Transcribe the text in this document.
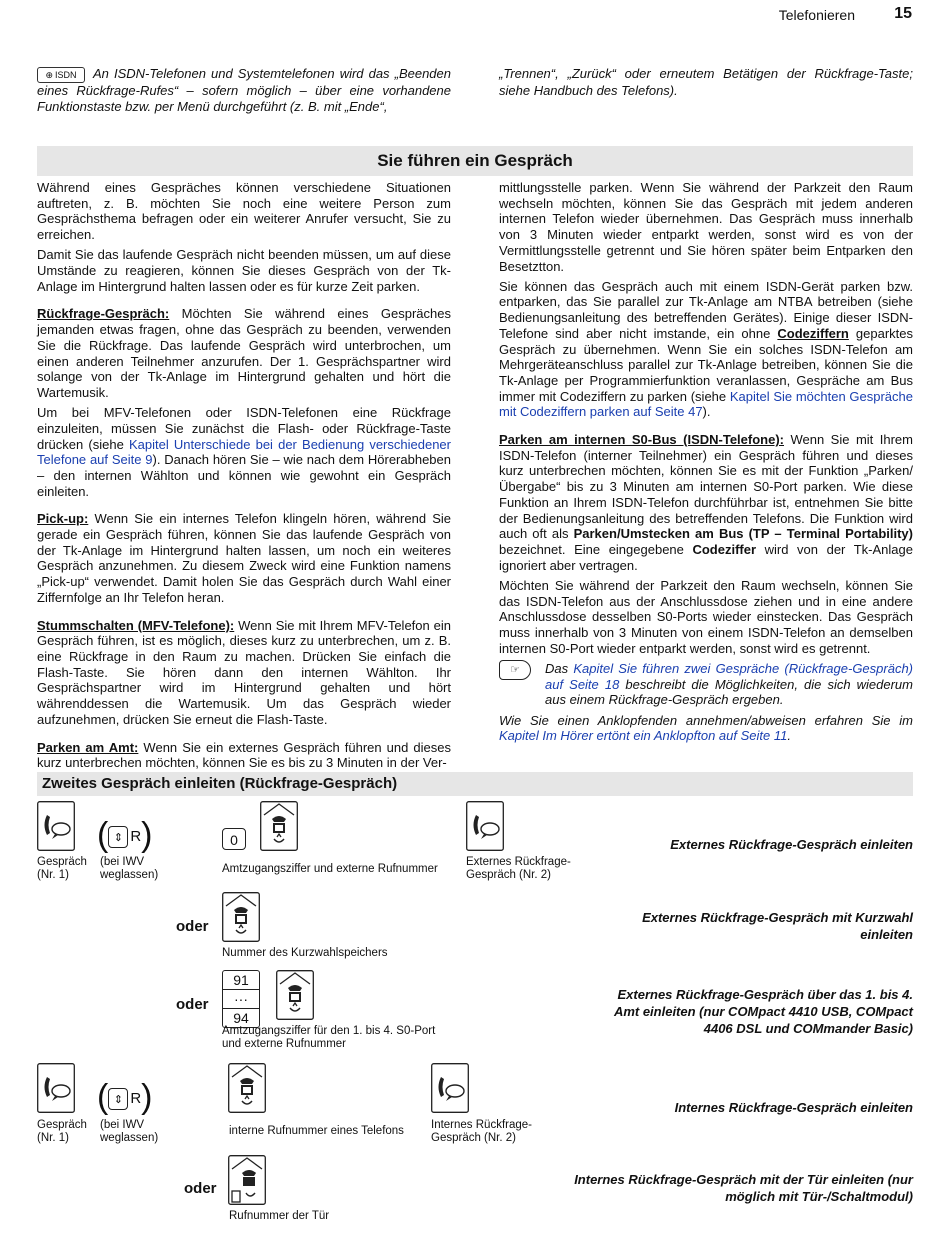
Telefonieren 15
⊕ ISDN	An ISDN-Telefonen und Systemtelefonen wird das „Beenden eines Rückfrage-Rufes“ – sofern möglich – über eine vorhandene Funktionstaste bzw. per Menü durchgeführt (z. B. mit „Ende“,
„Trennen“, „Zurück“ oder erneutem Betätigen der Rückfrage-Taste; siehe Handbuch des Telefons).
Sie führen ein Gespräch

Während eines Gespräches können verschiedene Situationen auftreten, z. B. möchten Sie noch eine weitere Person zum Gesprächsthema befragen oder ein weiterer Anrufer versucht, Sie zu erreichen.

Damit Sie das laufende Gespräch nicht beenden müssen, um auf diese Umstände zu reagieren, können Sie dieses Gespräch von der Tk-Anlage im Hintergrund halten lassen oder es für kurze Zeit parken.

Rückfrage-Gespräch: Möchten Sie während eines Gespräches jemanden etwas fragen, ohne das Gespräch zu beenden, verwenden Sie die Rückfrage. Das laufende Gespräch wird unterbrochen, um einen anderen Teilnehmer anzurufen. Der 1. Gesprächspartner wird solange von der Tk-Anlage im Hintergrund gehalten und hört die Wartemusik.

Um bei MFV-Telefonen oder ISDN-Telefonen eine Rückfrage einzuleiten, müssen Sie zunächst die Flash- oder Rückfrage-Taste drücken (siehe Kapitel Unterschiede bei der Bedienung verschiedener Telefone auf Seite 9). Danach hören Sie – wie nach dem Hörerabheben – den internen Wählton und können wie gewohnt ein Gespräch einleiten.

Pick-up: Wenn Sie ein internes Telefon klingeln hören, während Sie gerade ein Gespräch führen, können Sie das laufende Gespräch von der Tk-Anlage im Hintergrund halten lassen, um noch ein weiteres Gespräch anzunehmen. Zu diesem Zweck wird eine Funktion namens „Pick-up“ verwendet. Damit holen Sie das Gespräch durch Wahl einer Ziffernfolge an Ihr Telefon heran.

Stummschalten (MFV-Telefone): Wenn Sie mit Ihrem MFV-Telefon ein Gespräch führen, ist es möglich, dieses kurz zu unterbrechen, um z. B. eine Rückfrage in den Raum zu machen. Drücken Sie einfach die Flash-Taste. Sie hören dann den internen Wählton. Ihr Gesprächspartner wird im Hintergrund gehalten und hört währenddessen die Wartemusik. Um das Gespräch wieder aufzunehmen, drücken Sie erneut die Flash-Taste.

Parken am Amt: Wenn Sie ein externes Gespräch führen und dieses kurz unterbrechen möchten, können Sie es bis zu 3 Minuten in der Ver-

mittlungsstelle parken. Wenn Sie während der Parkzeit den Raum wechseln möchten, können Sie das Gespräch mit jedem anderen internen Telefon wieder übernehmen. Das Gespräch muss innerhalb von 3 Minuten wieder entparkt werden, sonst wird es von der Vermittlungsstelle getrennt und Sie hören später beim Entparken den Besetztton.

Sie können das Gespräch auch mit einem ISDN-Gerät parken bzw. entparken, das Sie parallel zur Tk-Anlage am NTBA betreiben (siehe Bedienungsanleitung des betreffenden Gerätes). Einige dieser ISDN-Telefone sind aber nicht imstande, ein ohne Codeziffern geparktes Gespräch zu übernehmen. Wenn Sie ein solches ISDN-Telefon am Mehrgeräteanschluss parallel zur Tk-Anlage betreiben, können Sie die Tk-Anlage per Programmierfunktion veranlassen, Gespräche am Bus immer mit Codeziffern zu parken (siehe Kapitel Sie möchten Gespräche mit Codeziffern parken auf Seite 47).

Parken am internen S0-Bus (ISDN-Telefone): Wenn Sie mit Ihrem ISDN-Telefon (interner Teilnehmer) ein Gespräch führen und dieses kurz unterbrechen möchten, können Sie es mit der Funktion „Parken/Übergabe“ bis zu 3 Minuten am internen S0-Port parken. Wie diese Funktion an Ihrem ISDN-Telefon durchführbar ist, entnehmen Sie bitte der Bedienungsanleitung des betreffenden Telefons. Die Funktion wird auch oft als Parken/Umstecken am Bus (TP – Terminal Portability) bezeichnet. Eine eingegebene Codeziffer wird von der Tk-Anlage ignoriert aber vertragen.

Möchten Sie während der Parkzeit den Raum wechseln, können Sie das ISDN-Telefon aus der Anschlussdose ziehen und in eine andere Anschlussdose desselben S0-Ports wieder einstecken. Das Gespräch muss innerhalb von 3 Minuten von einem ISDN-Telefon an demselben internen S0-Port wieder entparkt werden, sonst wird es getrennt.

☞	Das Kapitel Sie führen zwei Gespräche (Rückfrage-Gespräch) auf Seite 18 beschreibt die Möglichkeiten, die sich wiederum aus einem Rückfrage-Gespräch ergeben.

Wie Sie einen Anklopfenden annehmen/abweisen erfahren Sie im Kapitel Im Hörer ertönt ein Anklopfton auf Seite 11.

Zweites Gespräch einleiten (Rückfrage-Gespräch)
Gespräch
(Nr. 1)
( ⇕ R)
(bei IWV
weglassen)
0
Amtzugangsziffer und externe Rufnummer
Externes Rückfrage-
Gespräch (Nr. 2)
Externes Rückfrage-Gespräch einleiten
oder
Nummer des Kurzwahlspeichers
Externes Rückfrage-Gespräch mit Kurzwahl einleiten
oder
91
···
94
Amtzugangsziffer für den 1. bis 4. S0-Port und externe Rufnummer
Externes Rückfrage-Gespräch über das 1. bis 4. Amt einleiten (nur COMpact 4410 USB, COMpact 4406 DSL und COMmander Basic)
Gespräch
(Nr. 1)
( ⇕ R)
(bei IWV
weglassen)
interne Rufnummer eines Telefons Internes Rückfrage-
Gespräch (Nr. 2)
Internes Rückfrage-Gespräch einleiten
oder
Rufnummer der Tür
Internes Rückfrage-Gespräch mit der Tür einleiten (nur möglich mit Tür-/Schaltmodul)
